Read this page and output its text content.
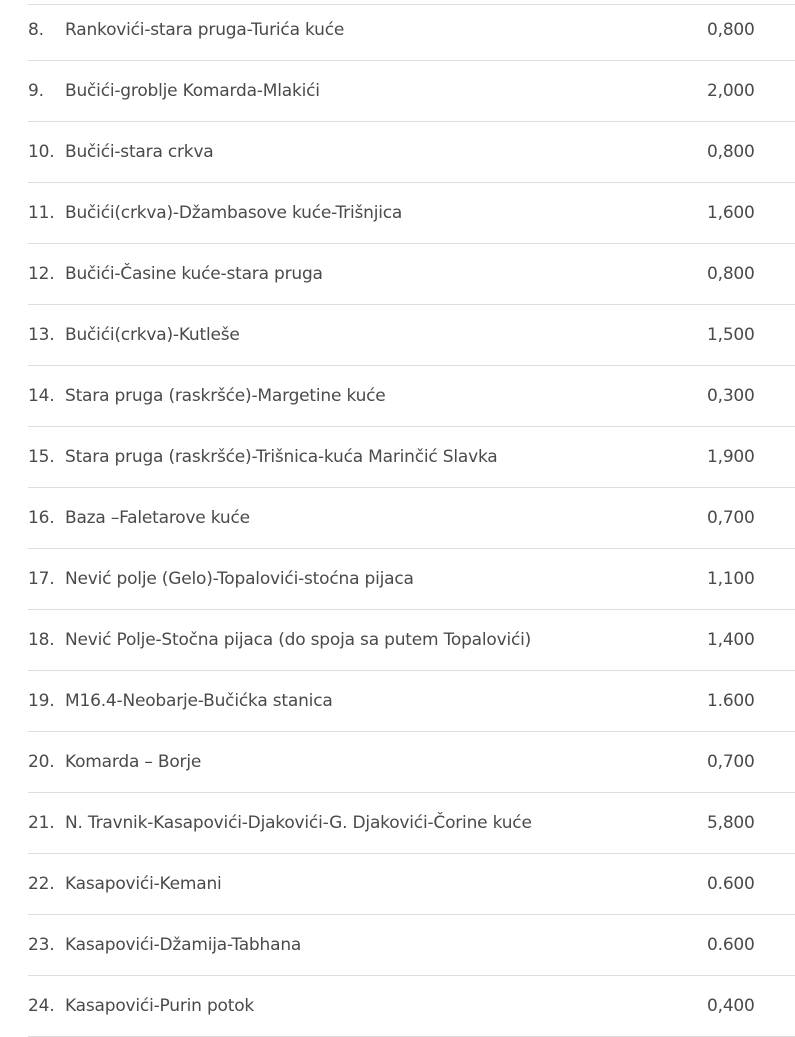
8.	Rankovići-stara pruga-Turića kuće	0,800
9.	Bučići-groblje Komarda-Mlakići	2,000
10.	Bučići-stara crkva	0,800
11.	Bučići(crkva)-Džambasove kuće-Trišnjica	1,600
12.	Bučići-Časine kuće-stara pruga	0,800
13.	Bučići(crkva)-Kutleše	1,500
14.	Stara pruga (raskršće)-Margetine kuće	0,300
15.	Stara pruga (raskršće)-Trišnica-kuća Marinčić Slavka	1,900
16.	Baza –Faletarove kuće	0,700
17.	Nević polje (Gelo)-Topalovići-stoćna pijaca	1,100
18.	Nević Polje-Stočna pijaca (do spoja sa putem Topalovići)	1,400
19.	M16.4-Neobarje-Bučićka stanica	1.600
20.	Komarda – Borje	0,700
21.	N. Travnik-Kasapovići-Djakovići-G. Djakovići-Čorine kuće	5,800
22.	Kasapovići-Kemani	0.600
23.	Kasapovići-Džamija-Tabhana	0.600
24.	Kasapovići-Purin potok	0,400
